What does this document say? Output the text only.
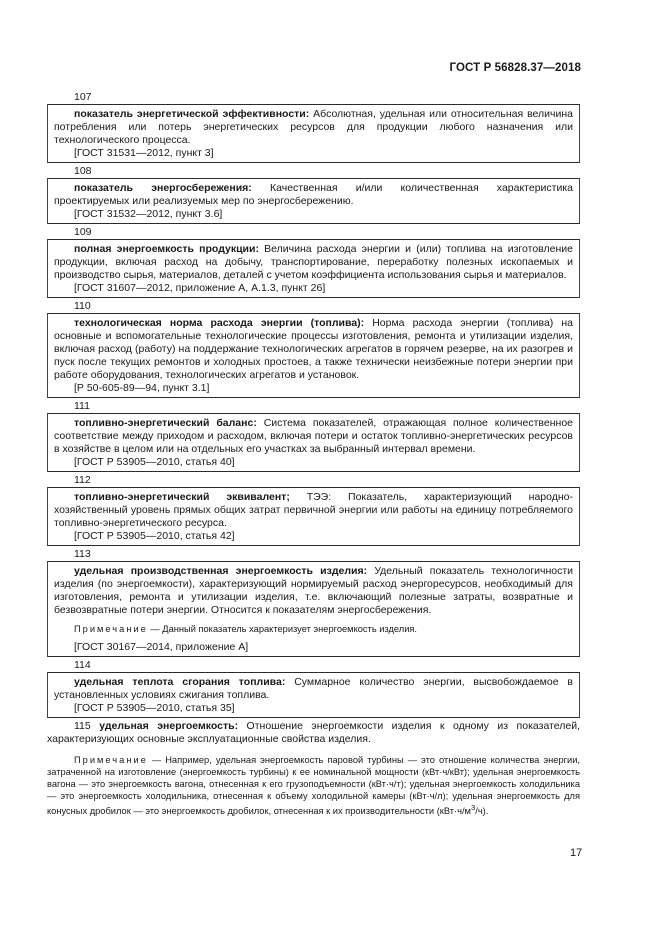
ГОСТ Р 56828.37—2018
107

показатель энергетической эффективности: Абсолютная, удельная или относительная величина потребления или потерь энергетических ресурсов для продукции любого назначения или технологического процесса.

[ГОСТ 31531—2012, пункт 3]
108

показатель энергосбережения: Качественная и/или количественная характеристика проектируемых или реализуемых мер по энергосбережению.

[ГОСТ 31532—2012, пункт 3.6]
109

полная энергоемкость продукции: Величина расхода энергии и (или) топлива на изготовление продукции, включая расход на добычу, транспортирование, переработку полезных ископаемых и производство сырья, материалов, деталей с учетом коэффициента использования сырья и материалов.

[ГОСТ 31607—2012, приложение А, А.1.3, пункт 26]
110

технологическая норма расхода энергии (топлива): Норма расхода энергии (топлива) на основные и вспомогательные технологические процессы изготовления, ремонта и утилизации изделия, включая расход (работу) на поддержание технологических агрегатов в горячем резерве, на их разогрев и пуск после текущих ремонтов и холодных простоев, а также технически неизбежные потери энергии при работе оборудования, технологических агрегатов и установок.

[Р 50-605-89—94, пункт 3.1]
111

топливно-энергетический баланс: Система показателей, отражающая полное количественное соответствие между приходом и расходом, включая потери и остаток топливно-энергетических ресурсов в хозяйстве в целом или на отдельных его участках за выбранный интервал времени.

[ГОСТ Р 53905—2010, статья 40]
112

топливно-энергетический эквивалент; ТЭЭ: Показатель, характеризующий народно-хозяйственный уровень прямых общих затрат первичной энергии или работы на единицу потребляемого топливно-энергетического ресурса.

[ГОСТ Р 53905—2010, статья 42]
113

удельная производственная энергоемкость изделия: Удельный показатель технологичности изделия (по энергоемкости), характеризующий нормируемый расход энергоресурсов, необходимый для изготовления, ремонта и утилизации изделия, т.е. включающий полезные затраты, возвратные и безвозвратные потери энергии. Относится к показателям энергосбережения.

Примечание — Данный показатель характеризует энергоемкость изделия.

[ГОСТ 30167—2014, приложение А]
114

удельная теплота сгорания топлива: Суммарное количество энергии, высвобождаемое в установленных условиях сжигания топлива.

[ГОСТ Р 53905—2010, статья 35]

115 удельная энергоемкость: Отношение энергоемкости изделия к одному из показателей, характеризующих основные эксплуатационные свойства изделия.

Примечание — Например, удельная энергоемкость паровой турбины — это отношение количества энергии, затраченной на изготовление (энергоемкость турбины) к ее номинальной мощности (кВт·ч/кВт); удельная энергоемкость вагона — это энергоемкость вагона, отнесенная к его грузоподъемности (кВт·ч/т); удельная энергоемкость холодильника — это энергоемкость холодильника, отнесенная к объему холодильной камеры (кВт·ч/л); удельная энергоемкость для конусных дробилок — это энергоемкость дробилок, отнесенная к их производительности $(кВт\cdot ч/м^3/ч)$.

17
